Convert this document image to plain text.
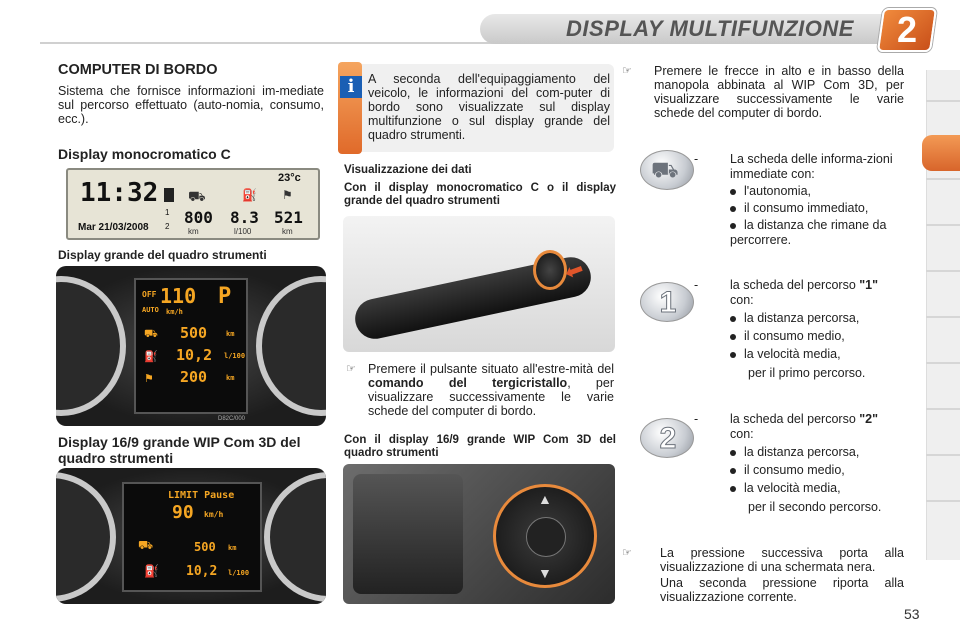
DISPLAY MULTIFUNZIONE	2
COMPUTER DI BORDO
Sistema che fornisce informazioni im-mediate sul percorso effettuato (auto-nomia, consumo, ecc.).
Display monocromatico C
11:32
Mar 21/03/2008
23°c
1
2
⛟	⛽ ⚑
800
km
8.3
l/100
521
km
Display grande del quadro strumenti
OFF
AUTO
110
km/h
P
500	km
10,2 l/100
200	km
⛟
⛽
⚑
D82C/000
Display 16/9 grande WIP Com 3D del quadro strumenti
LIMIT Pause
90 km/h
⛟
⛽
500 km
10,2 l/100
i	A seconda dell'equipaggiamento del veicolo, le informazioni del com-puter di bordo sono visualizzate sul display multifunzione o sul display grande del quadro strumenti.
Visualizzazione dei dati
Con il display monocromatico C o il display grande del quadro strumenti
⬅
☞ Premere il pulsante situato all'estre-mità del comando del tergicristallo, per visualizzare successivamente le varie schede del computer di bordo.
Con il display 16/9 grande WIP Com 3D del quadro strumenti
▲
▼
☞ Premere le frecce in alto e in basso della manopola abbinata al WIP Com 3D, per visualizzare successivamente le varie schede del computer di bordo.
⛟ -	La scheda delle informa-zioni immediate con:
l'autonomia,
il consumo immediato,
la distanza che rimane da percorrere.
1
-	la scheda del percorso "1" con:
la distanza percorsa,
il consumo medio,
la velocità media,
per il primo percorso.
2
-	la scheda del percorso "2" con:
la distanza percorsa,
il consumo medio,
la velocità media,
per il secondo percorso.
☞ La pressione successiva porta alla visualizzazione di una schermata nera.
Una seconda pressione riporta alla visualizzazione corrente.
53
